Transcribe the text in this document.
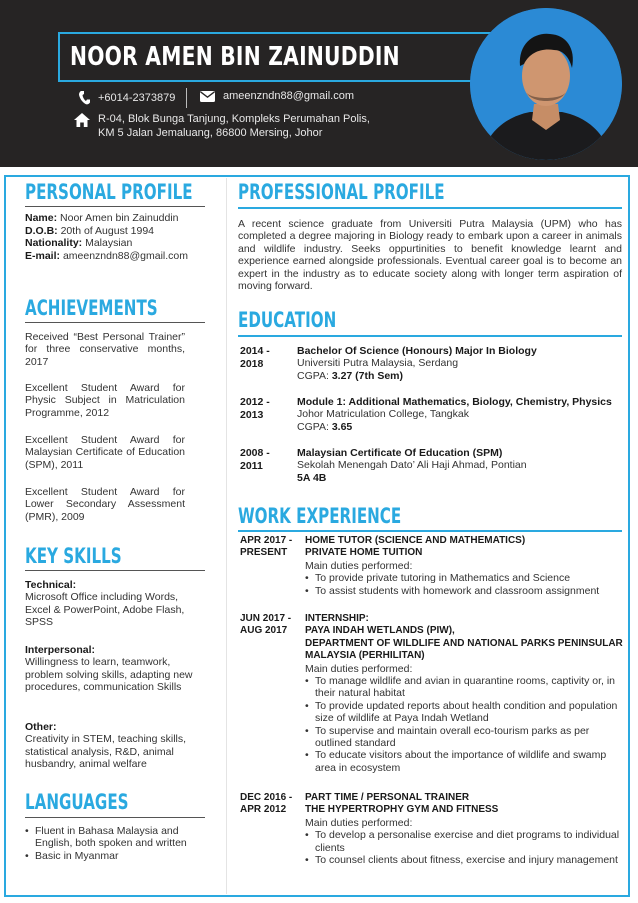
NOOR AMEN BIN ZAINUDDIN
+6014-2373879	ameenzndn88@gmail.com
R-04, Blok Bunga Tanjung, Kompleks Perumahan Polis,
KM 5 Jalan Jemaluang, 86800 Mersing, Johor
PERSONAL PROFILE
Name: Noor Amen bin Zainuddin
D.O.B: 20th of August 1994
Nationality: Malaysian
E-mail: ameenzndn88@gmail.com
ACHIEVEMENTS
Received “Best Personal Trainer” for three conservative months, 2017
Excellent Student Award for Physic Subject in Matriculation Programme, 2012
Excellent Student Award for Malaysian Certificate of Education (SPM), 2011
Excellent Student Award for Lower Secondary Assessment (PMR), 2009
KEY SKILLS
Technical:
Microsoft Office including Words, Excel & PowerPoint, Adobe Flash, SPSS
Interpersonal:
Willingness to learn, teamwork, problem solving skills, adapting new procedures, communication Skills
Other:
Creativity in STEM, teaching skills, statistical analysis, R&D, animal husbandry, animal welfare
LANGUAGES
• Fluent in Bahasa Malaysia and English, both spoken and written
• Basic in Myanmar
PROFESSIONAL PROFILE
A recent science graduate from Universiti Putra Malaysia (UPM) who has completed a degree majoring in Biology ready to embark upon a career in animals and wildlife industry. Seeks oppurtinities to benefit knowledge learnt and experience earned alongside professionals. Eventual career goal is to become an expert in the industry as to educate society along with longer term aspiration of moving forward.
EDUCATION
2014 -
2018
Bachelor Of Science (Honours) Major In Biology
Universiti Putra Malaysia, Serdang
CGPA: 3.27 (7th Sem)
2012 -
2013
Module 1: Additional Mathematics, Biology, Chemistry, Physics
Johor Matriculation College, Tangkak
CGPA: 3.65
2008 -
2011
Malaysian Certificate Of Education (SPM)
Sekolah Menengah Dato’ Ali Haji Ahmad, Pontian
5A 4B
WORK EXPERIENCE
APR 2017 -
PRESENT
HOME TUTOR (SCIENCE AND MATHEMATICS)
PRIVATE HOME TUITION
Main duties performed:
• To provide private tutoring in Mathematics and Science
• To assist students with homework and classroom assignment
JUN 2017 -
AUG 2017
INTERNSHIP:
PAYA INDAH WETLANDS (PIW),
DEPARTMENT OF WILDLIFE AND NATIONAL PARKS PENINSULAR MALAYSIA (PERHILITAN)
Main duties performed:
• To manage wildlife and avian in quarantine rooms, captivity or, in their natural habitat
• To provide updated reports about health condition and population size of wildlife at Paya Indah Wetland
• To supervise and maintain overall eco-tourism parks as per outlined standard
• To educate visitors about the importance of wildlife and swamp area in ecosystem
DEC 2016 -
APR 2012
PART TIME / PERSONAL TRAINER
THE HYPERTROPHY GYM AND FITNESS
Main duties performed:
• To develop a personalise exercise and diet programs to individual clients
• To counsel clients about fitness, exercise and injury management
